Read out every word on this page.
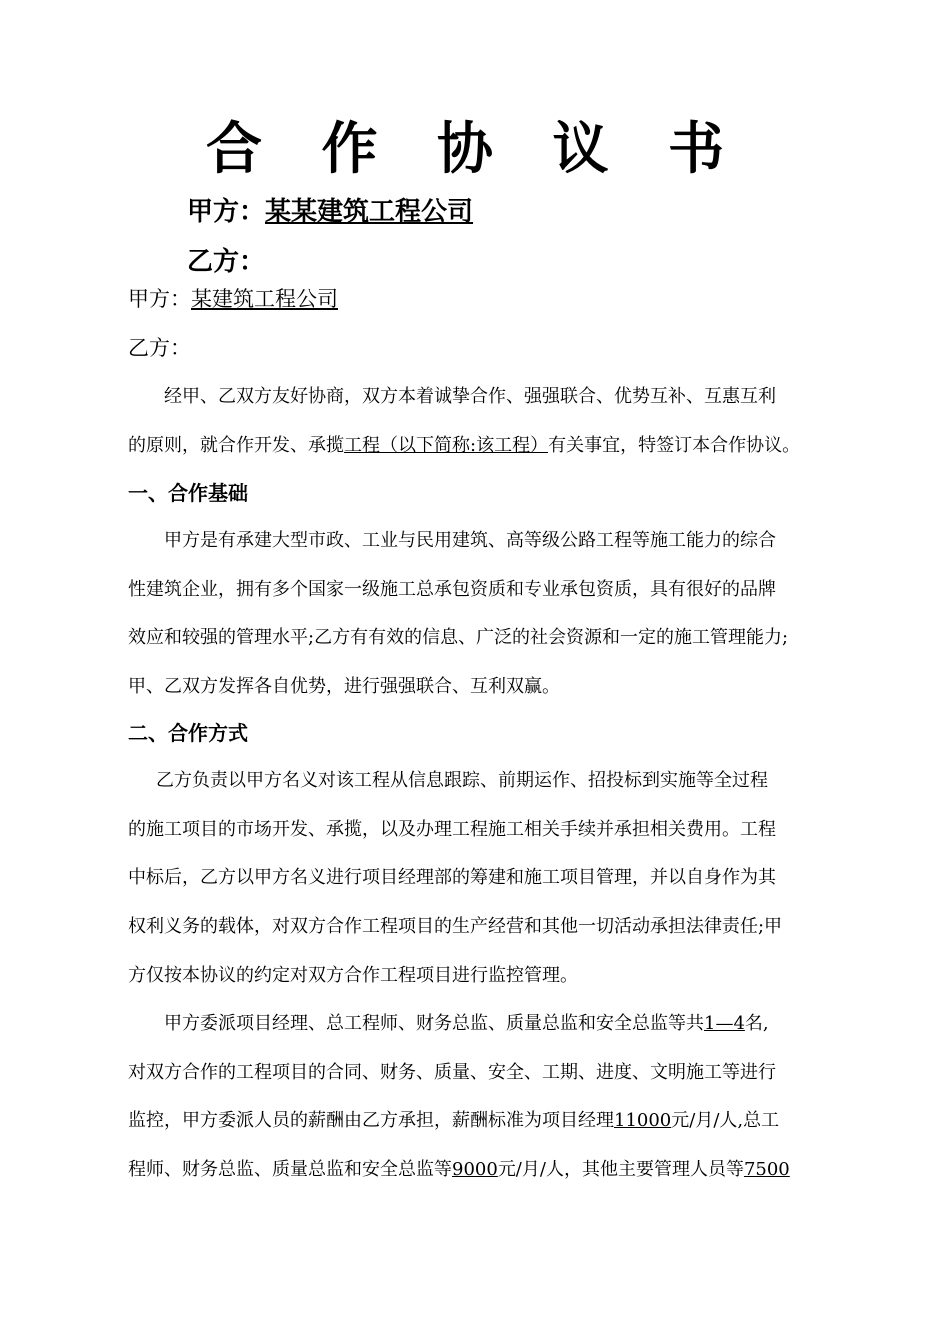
合 作 协 议 书
甲方：某某建筑工程公司
乙方：
甲方：某建筑工程公司
乙方：
经甲、乙双方友好协商，双方本着诚挚合作、强强联合、优势互补、互惠互利
的原则，就合作开发、承揽工程（以下简称:该工程）有关事宜，特签订本合作协议。
一、合作基础
甲方是有承建大型市政、工业与民用建筑、高等级公路工程等施工能力的综合
性建筑企业，拥有多个国家一级施工总承包资质和专业承包资质，具有很好的品牌
效应和较强的管理水平;乙方有有效的信息、广泛的社会资源和一定的施工管理能力;
甲、乙双方发挥各自优势，进行强强联合、互利双赢。
二、合作方式
乙方负责以甲方名义对该工程从信息跟踪、前期运作、招投标到实施等全过程
的施工项目的市场开发、承揽，以及办理工程施工相关手续并承担相关费用。工程
中标后，乙方以甲方名义进行项目经理部的筹建和施工项目管理，并以自身作为其
权利义务的载体，对双方合作工程项目的生产经营和其他一切活动承担法律责任;甲
方仅按本协议的约定对双方合作工程项目进行监控管理。
甲方委派项目经理、总工程师、财务总监、质量总监和安全总监等共1—4名,
对双方合作的工程项目的合同、财务、质量、安全、工期、进度、文明施工等进行
监控，甲方委派人员的薪酬由乙方承担，薪酬标准为项目经理11000元/月/人,总工
程师、财务总监、质量总监和安全总监等9000元/月/人，其他主要管理人员等7500
